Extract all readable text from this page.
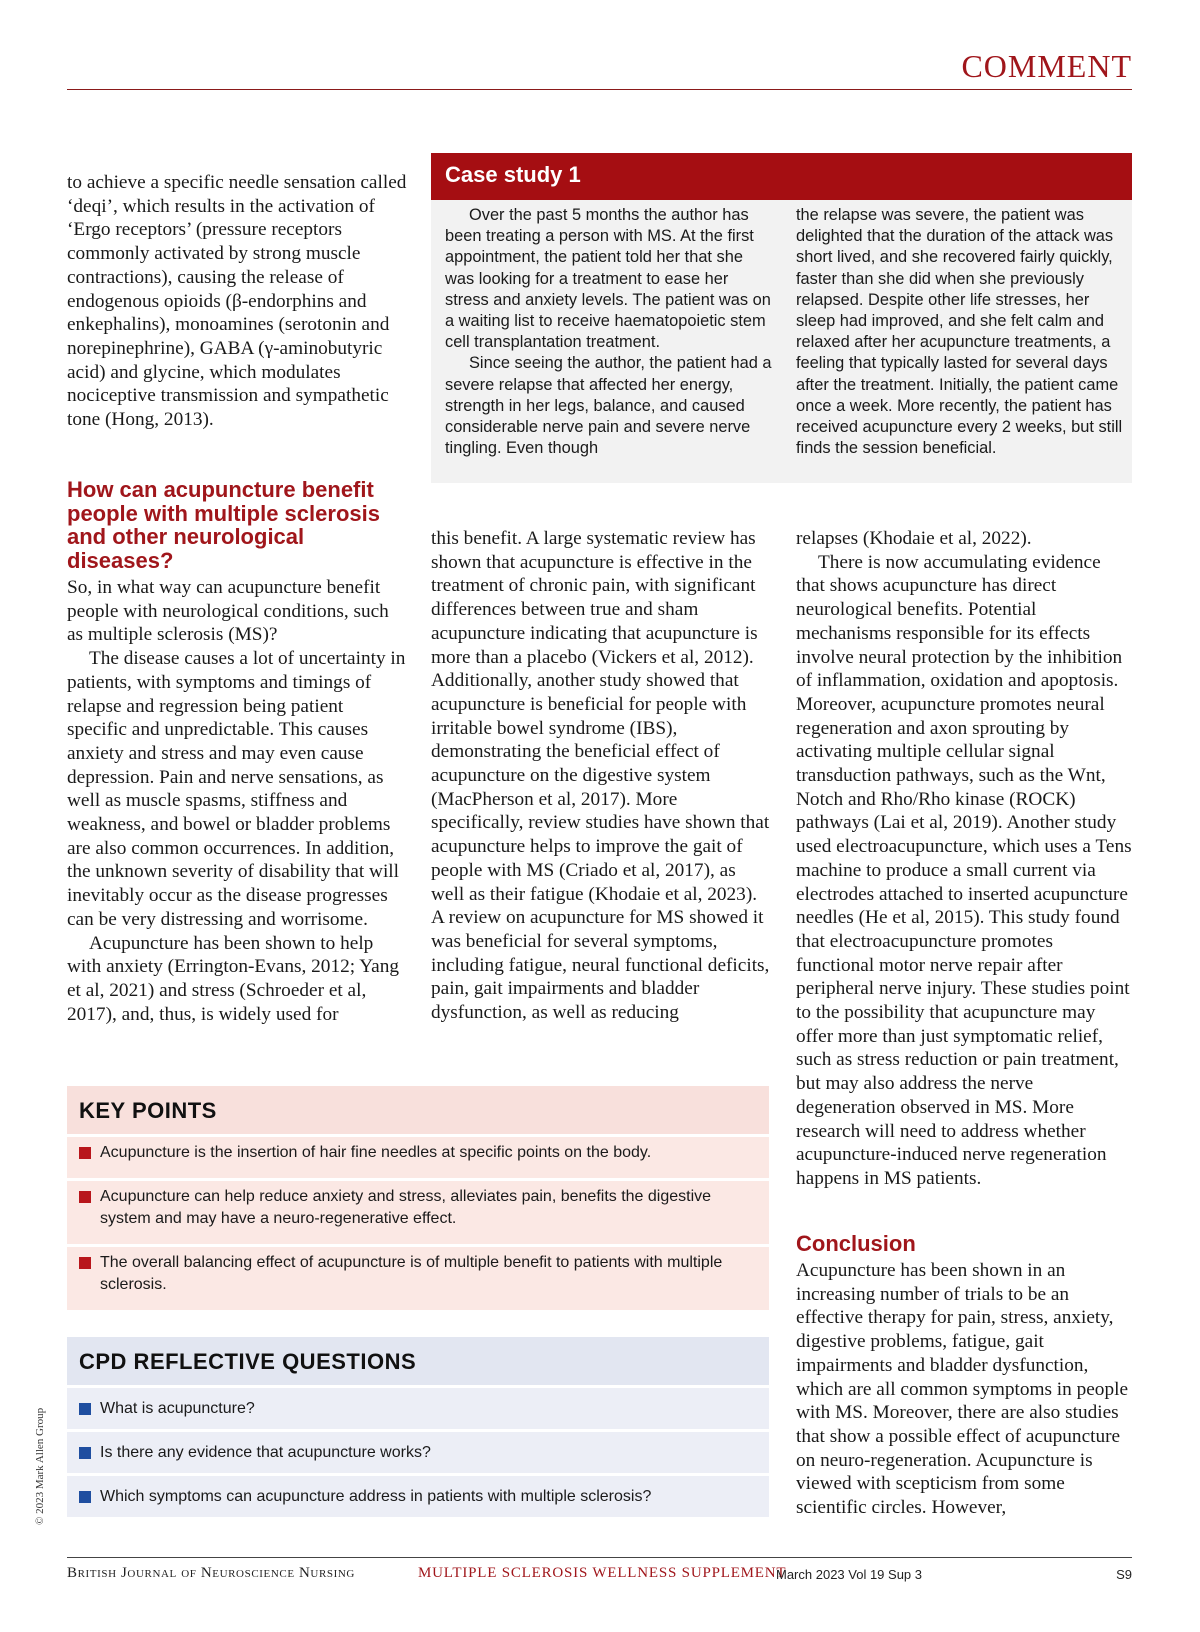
COMMENT

to achieve a specific needle sensation called ‘deqi’, which results in the activation of ‘Ergo receptors’ (pressure receptors commonly activated by strong muscle contractions), causing the release of endogenous opioids (β-endorphins and enkephalins), monoamines (serotonin and norepinephrine), GABA (γ-aminobutyric acid) and glycine, which modulates nociceptive transmission and sympathetic tone (Hong, 2013).

How can acupuncture benefit people with multiple sclerosis and other neurological diseases?

So, in what way can acupuncture benefit people with neurological conditions, such as multiple sclerosis (MS)?

The disease causes a lot of uncertainty in patients, with symptoms and timings of relapse and regression being patient specific and unpredictable. This causes anxiety and stress and may even cause depression. Pain and nerve sensations, as well as muscle spasms, stiffness and weakness, and bowel or bladder problems are also common occurrences. In addition, the unknown severity of disability that will inevitably occur as the disease progresses can be very distressing and worrisome.

Acupuncture has been shown to help with anxiety (Errington-Evans, 2012; Yang et al, 2021) and stress (Schroeder et al, 2017), and, thus, is widely used for

Case study 1

Over the past 5 months the author has been treating a person with MS. At the first appointment, the patient told her that she was looking for a treatment to ease her stress and anxiety levels. The patient was on a waiting list to receive haematopoietic stem cell transplantation treatment.

Since seeing the author, the patient had a severe relapse that affected her energy, strength in her legs, balance, and caused considerable nerve pain and severe nerve tingling. Even though

the relapse was severe, the patient was delighted that the duration of the attack was short lived, and she recovered fairly quickly, faster than she did when she previously relapsed. Despite other life stresses, her sleep had improved, and she felt calm and relaxed after her acupuncture treatments, a feeling that typically lasted for several days after the treatment. Initially, the patient came once a week. More recently, the patient has received acupuncture every 2 weeks, but still finds the session beneficial.

this benefit. A large systematic review has shown that acupuncture is effective in the treatment of chronic pain, with significant differences between true and sham acupuncture indicating that acupuncture is more than a placebo (Vickers et al, 2012). Additionally, another study showed that acupuncture is beneficial for people with irritable bowel syndrome (IBS), demonstrating the beneficial effect of acupuncture on the digestive system (MacPherson et al, 2017). More specifically, review studies have shown that acupuncture helps to improve the gait of people with MS (Criado et al, 2017), as well as their fatigue (Khodaie et al, 2023). A review on acupuncture for MS showed it was beneficial for several symptoms, including fatigue, neural functional deficits, pain, gait impairments and bladder dysfunction, as well as reducing

relapses (Khodaie et al, 2022).

There is now accumulating evidence that shows acupuncture has direct neurological benefits. Potential mechanisms responsible for its effects involve neural protection by the inhibition of inflammation, oxidation and apoptosis. Moreover, acupuncture promotes neural regeneration and axon sprouting by activating multiple cellular signal transduction pathways, such as the Wnt, Notch and Rho/Rho kinase (ROCK) pathways (Lai et al, 2019). Another study used electroacupuncture, which uses a Tens machine to produce a small current via electrodes attached to inserted acupuncture needles (He et al, 2015). This study found that electroacupuncture promotes functional motor nerve repair after peripheral nerve injury. These studies point to the possibility that acupuncture may offer more than just symptomatic relief, such as stress reduction or pain treatment, but may also address the nerve degeneration observed in MS. More research will need to address whether acupuncture-induced nerve regeneration happens in MS patients.

Conclusion

Acupuncture has been shown in an increasing number of trials to be an effective therapy for pain, stress, anxiety, digestive problems, fatigue, gait impairments and bladder dysfunction, which are all common symptoms in people with MS. Moreover, there are also studies that show a possible effect of acupuncture on neuro-regeneration. Acupuncture is viewed with scepticism from some scientific circles. However,

KEY POINTS
Acupuncture is the insertion of hair fine needles at specific points on the body.
Acupuncture can help reduce anxiety and stress, alleviates pain, benefits the digestive system and may have a neuro-regenerative effect.
The overall balancing effect of acupuncture is of multiple benefit to patients with multiple sclerosis.
CPD REFLECTIVE QUESTIONS
What is acupuncture?
Is there any evidence that acupuncture works?
Which symptoms can acupuncture address in patients with multiple sclerosis?
© 2023 Mark Allen Group
British Journal of Neuroscience Nursing	MULTIPLE SCLEROSIS WELLNESS SUPPLEMENT
March 2023 Vol 19 Sup 3	S9
